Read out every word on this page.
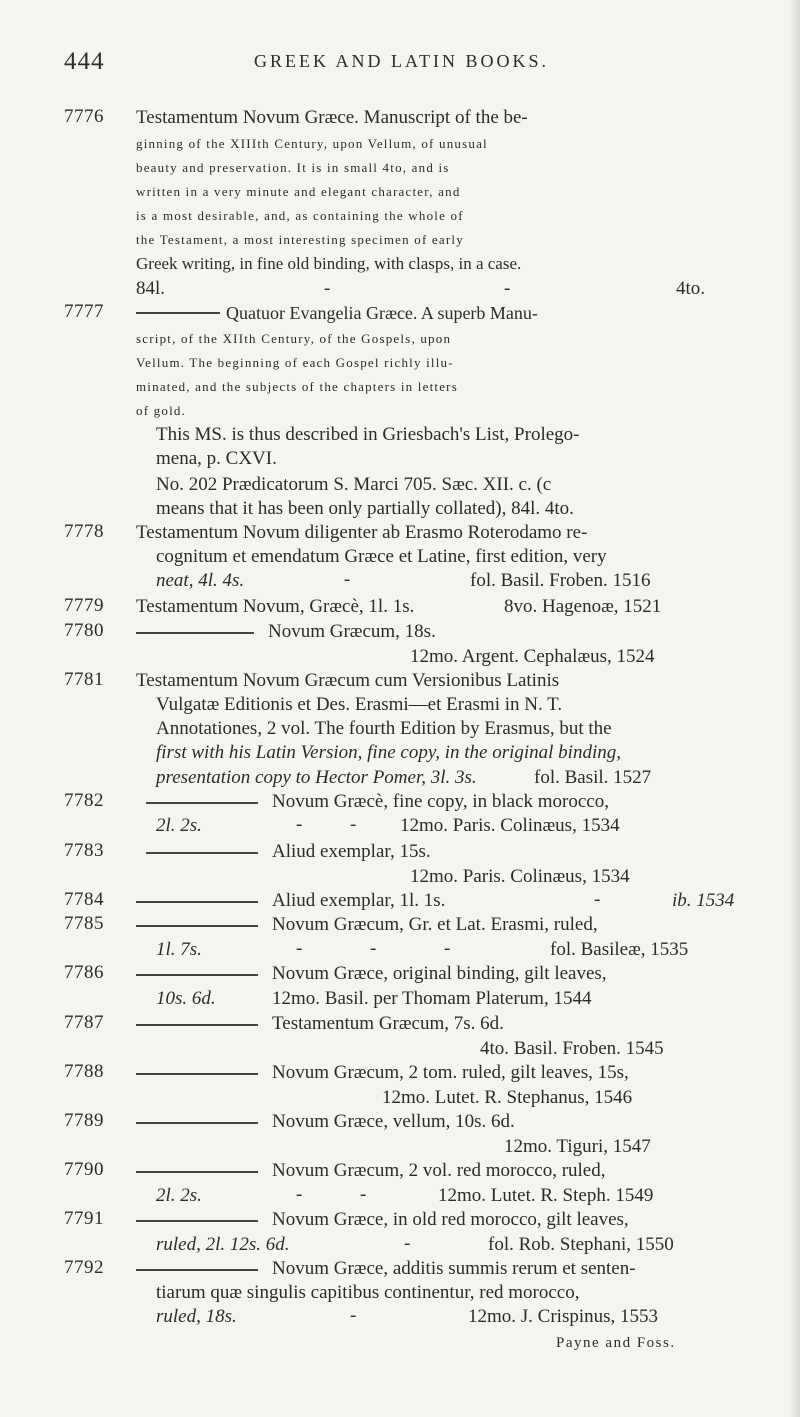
444	GREEK AND LATIN BOOKS.
7776 Testamentum Novum Græce. Manuscript of the be-
ginning of the XIIIth Century, upon Vellum, of unusual
beauty and preservation. It is in small 4to, and is
written in a very minute and elegant character, and
is a most desirable, and, as containing the whole of
the Testament, a most interesting specimen of early
Greek writing, in fine old binding, with clasps, in a case.
84l.	-	-	4to.
7777	Quatuor Evangelia Græce. A superb Manu-
script, of the XIIth Century, of the Gospels, upon
Vellum. The beginning of each Gospel richly illu-
minated, and the subjects of the chapters in letters
of gold.
This MS. is thus described in Griesbach's List, Prolego-
mena, p. CXVI.
No. 202 Prædicatorum S. Marci 705. Sæc. XII. c. (c
means that it has been only partially collated), 84l. 4to.
7778 Testamentum Novum diligenter ab Erasmo Roterodamo re-
cognitum et emendatum Græce et Latine, first edition, very
neat, 4l. 4s.	-	fol. Basil. Froben. 1516
7779 Testamentum Novum, Græcè, 1l. 1s.	8vo. Hagenoæ, 1521
7780	Novum Græcum, 18s.
12mo. Argent. Cephalæus, 1524
7781 Testamentum Novum Græcum cum Versionibus Latinis
Vulgatæ Editionis et Des. Erasmi—et Erasmi in N. T.
Annotationes, 2 vol. The fourth Edition by Erasmus, but the
first with his Latin Version, fine copy, in the original binding,
presentation copy to Hector Pomer, 3l. 3s.	fol. Basil. 1527
7782	Novum Græcè, fine copy, in black morocco,
2l. 2s.	-	- 12mo. Paris. Colinæus, 1534
7783	Aliud exemplar, 15s.
12mo. Paris. Colinæus, 1534
7784	Aliud exemplar, 1l. 1s.	-	ib. 1534
7785	Novum Græcum, Gr. et Lat. Erasmi, ruled,
1l. 7s.	-	-	-	fol. Basileæ, 1535
7786	Novum Græce, original binding, gilt leaves,
10s. 6d.	12mo. Basil. per Thomam Platerum, 1544
7787	Testamentum Græcum, 7s. 6d.
4to. Basil. Froben. 1545
7788	Novum Græcum, 2 tom. ruled, gilt leaves, 15s,
12mo. Lutet. R. Stephanus, 1546
7789	Novum Græce, vellum, 10s. 6d.
12mo. Tiguri, 1547
7790	Novum Græcum, 2 vol. red morocco, ruled,
2l. 2s.	-	-	12mo. Lutet. R. Steph. 1549
7791	Novum Græce, in old red morocco, gilt leaves,
ruled, 2l. 12s. 6d.	-	fol. Rob. Stephani, 1550
7792	Novum Græce, additis summis rerum et senten-
tiarum quæ singulis capitibus continentur, red morocco,
ruled, 18s.	-	12mo. J. Crispinus, 1553
Payne and Foss.
